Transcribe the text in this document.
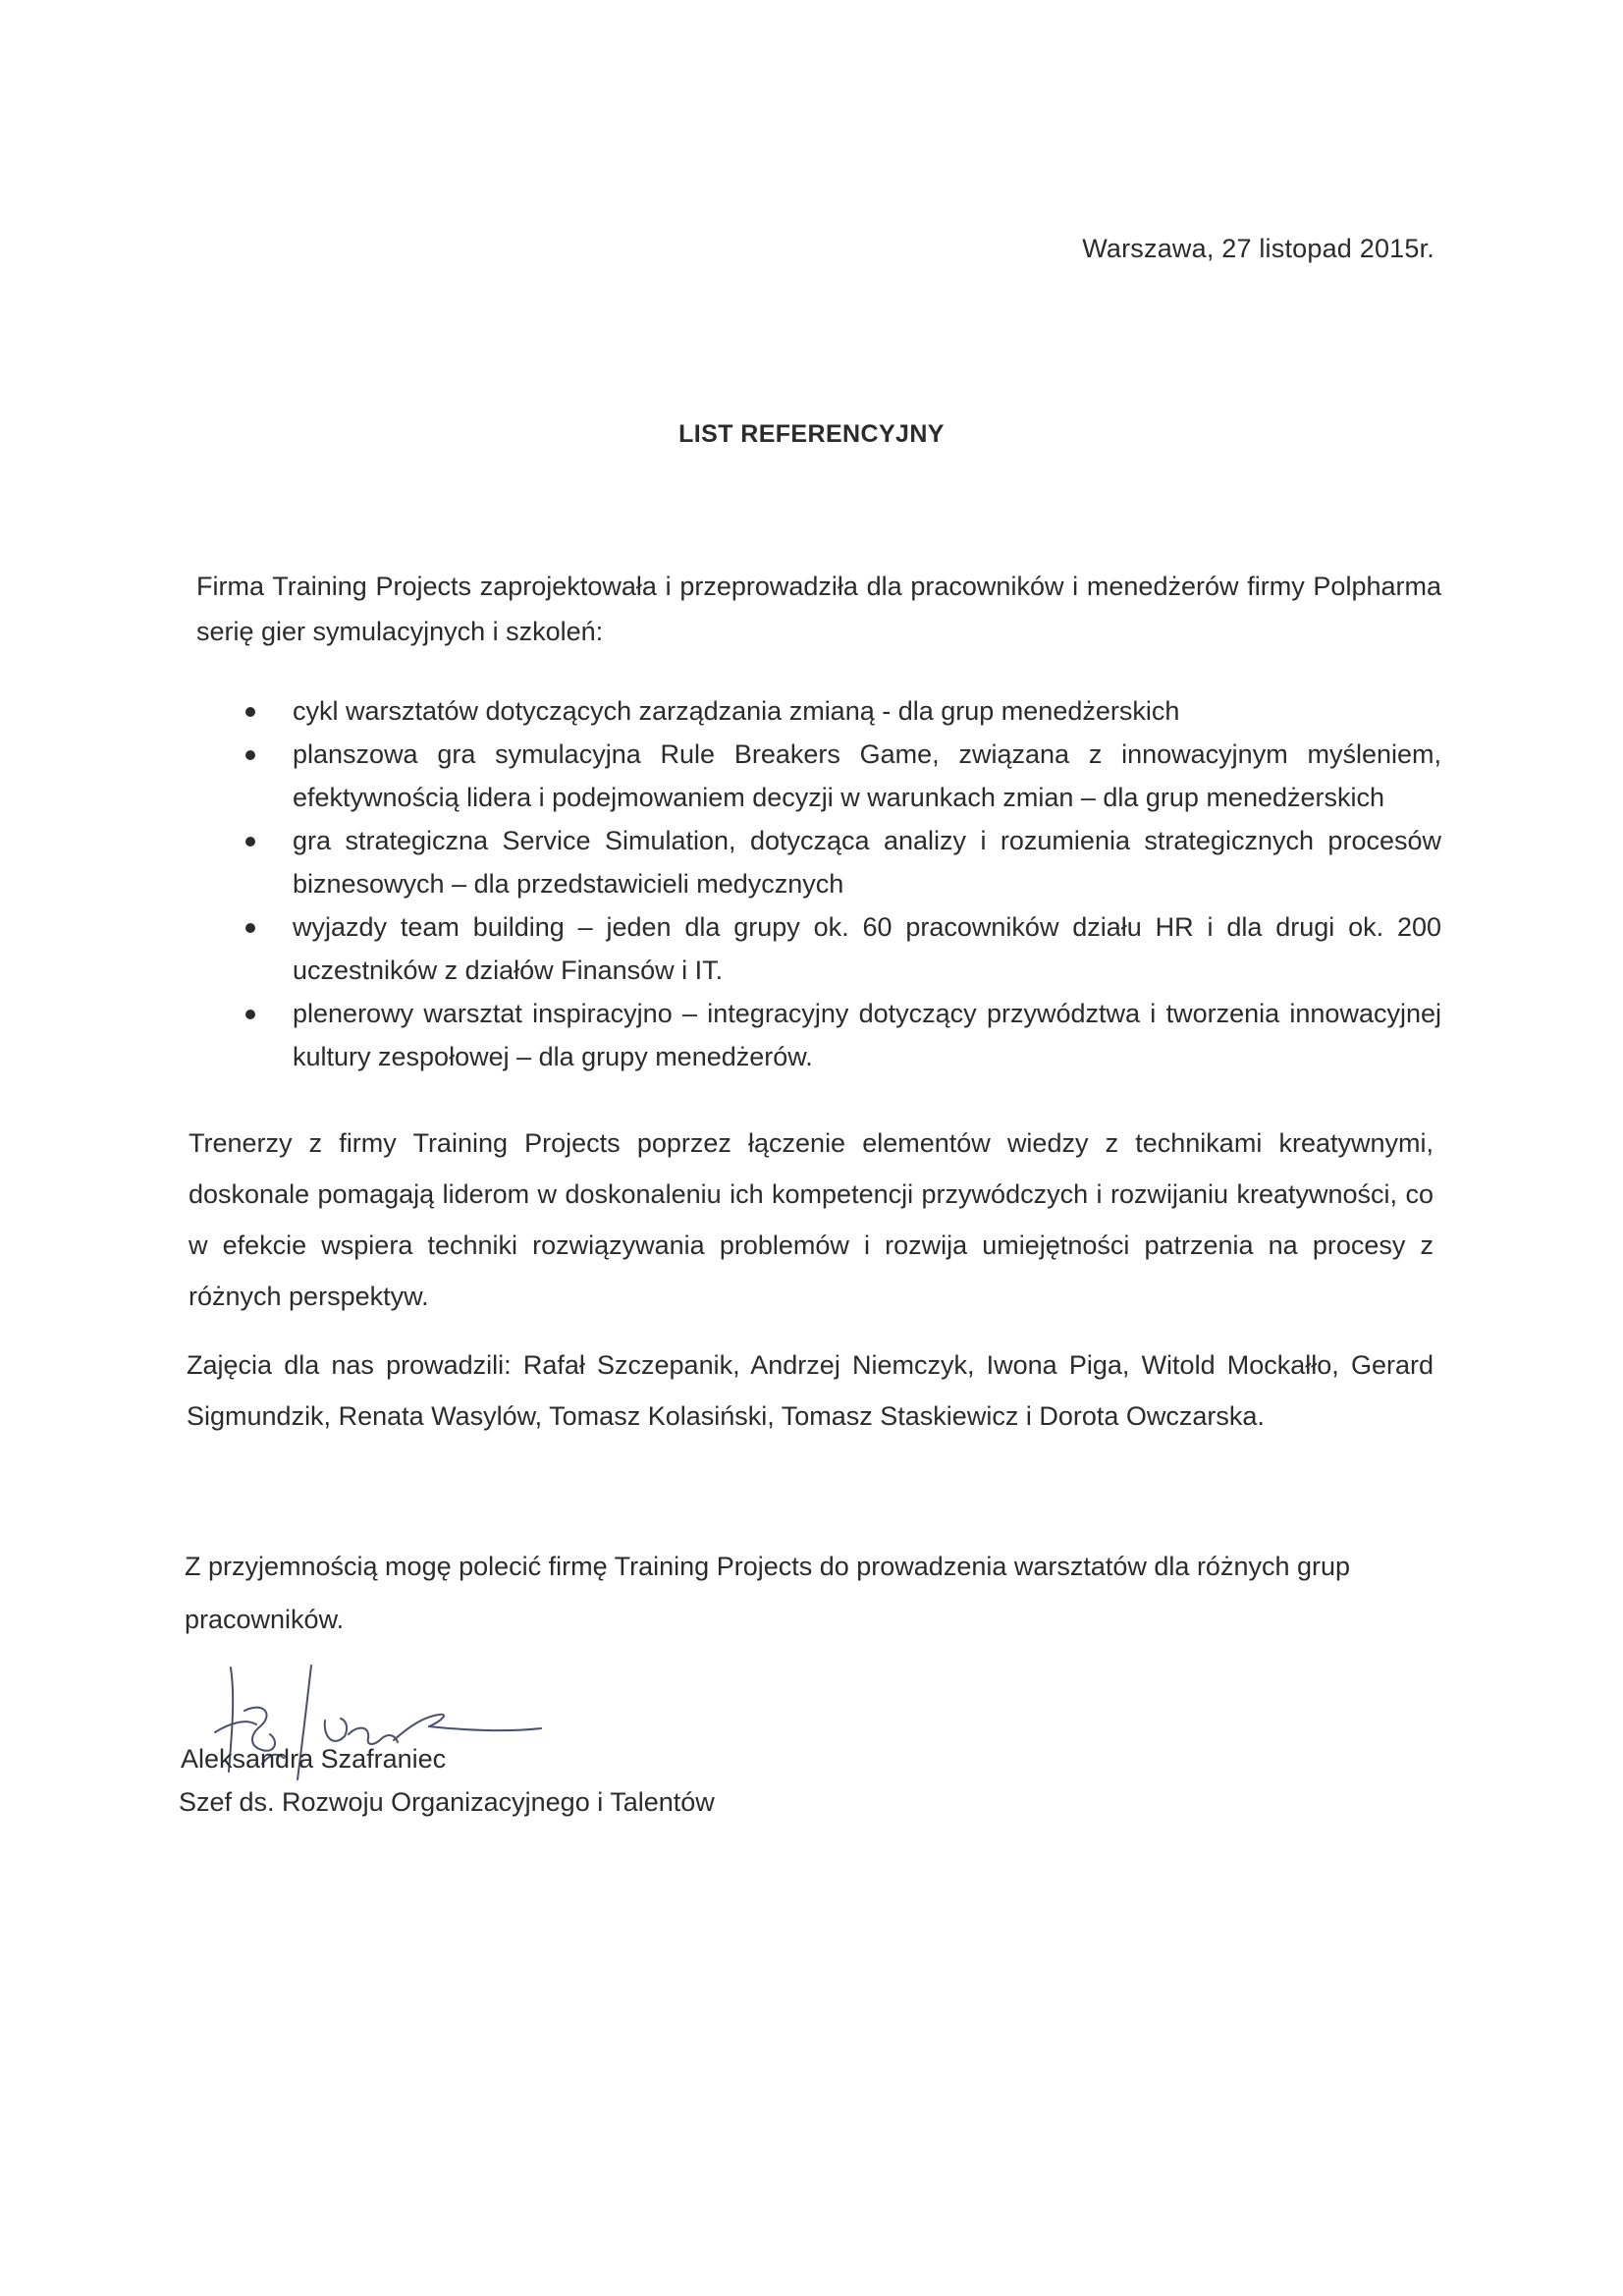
Warszawa, 27 listopad 2015r.
LIST REFERENCYJNY

Firma Training Projects zaprojektowała i przeprowadziła dla pracowników i menedżerów firmy Polpharma serię gier symulacyjnych i szkoleń:

cykl warsztatów dotyczących zarządzania zmianą - dla grup menedżerskich
planszowa gra symulacyjna Rule Breakers Game, związana z innowacyjnym myśleniem, efektywnością lidera i podejmowaniem decyzji w warunkach zmian – dla grup menedżerskich
gra strategiczna Service Simulation, dotycząca analizy i rozumienia strategicznych procesów biznesowych – dla przedstawicieli medycznych
wyjazdy team building – jeden dla grupy ok. 60 pracowników działu HR i dla drugi ok. 200 uczestników z działów Finansów i IT.
plenerowy warsztat inspiracyjno – integracyjny dotyczący przywództwa i tworzenia innowacyjnej kultury zespołowej – dla grupy menedżerów.

Trenerzy z firmy Training Projects poprzez łączenie elementów wiedzy z technikami kreatywnymi, doskonale pomagają liderom w doskonaleniu ich kompetencji przywódczych i rozwijaniu kreatywności, co w efekcie wspiera techniki rozwiązywania problemów i rozwija umiejętności patrzenia na procesy z różnych perspektyw.

Zajęcia dla nas prowadzili: Rafał Szczepanik, Andrzej Niemczyk, Iwona Piga, Witold Mockałło, Gerard Sigmundzik, Renata Wasylów, Tomasz Kolasiński, Tomasz Staskiewicz i Dorota Owczarska.

Z przyjemnością mogę polecić firmę Training Projects do prowadzenia warsztatów dla różnych grup pracowników.

Aleksandra Szafraniec
Szef ds. Rozwoju Organizacyjnego i Talentów
